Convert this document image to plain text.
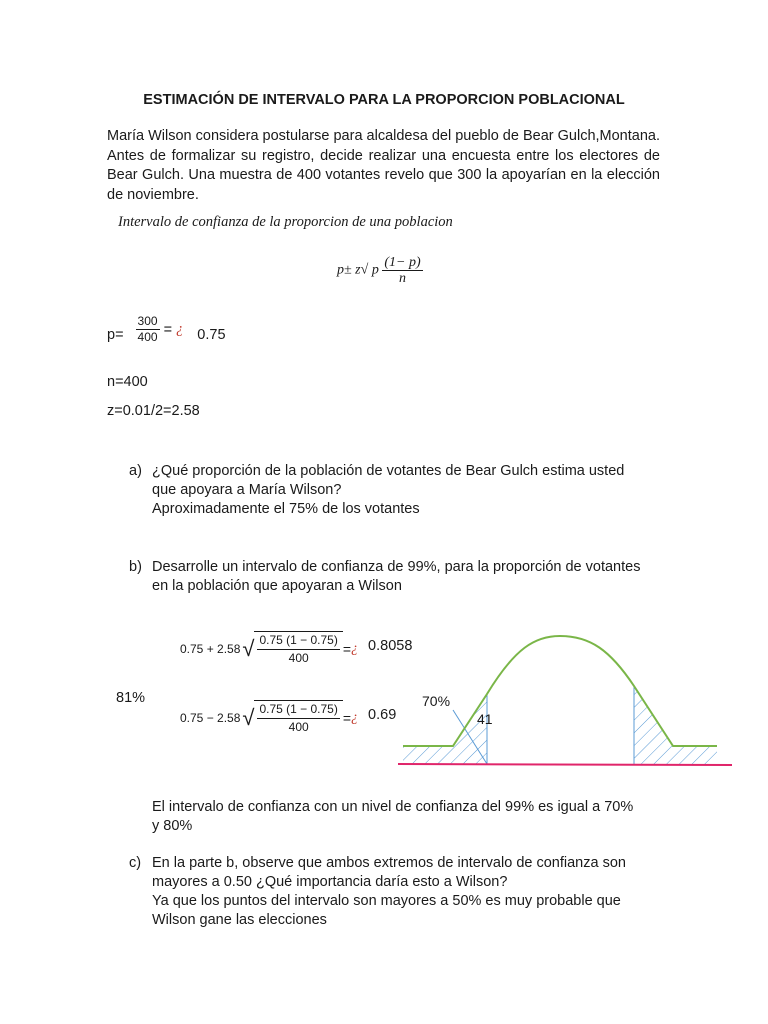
ESTIMACIÓN DE INTERVALO PARA LA PROPORCION POBLACIONAL
María Wilson considera postularse para alcaldesa del pueblo de Bear Gulch,Montana. Antes de formalizar su registro, decide realizar una encuesta entre los electores de Bear Gulch. Una muestra de 400 votantes revelo que 300 la apoyarían en la elección de noviembre.
Intervalo de confianza de la proporcion de una poblacion
p± z√ p $\frac{(1- p)}{n}$
$p= \frac{300}{400}$ = ¿ 0.75
n=400
z=0.01/2=2.58
a) ¿Qué proporción de la población de votantes de Bear Gulch estima usted
que apoyara a María Wilson?
Aproximadamente el 75% de los votantes
b) Desarrolle un intervalo de confianza de 99%, para la proporción de votantes
en la población que apoyaran a Wilson
0.75 + 2.58 √ $\frac{0.75 (1 - 0.75)}{400}$ = ¿ 0.8058
81%
0.75 − 2.58 √ $\frac{0.75 (1 - 0.75)}{400}$ = ¿ 0.69
70%
41
El intervalo de confianza con un nivel de confianza del 99% es igual a 70%
y 80%
c) En la parte b, observe que ambos extremos de intervalo de confianza son
mayores a 0.50 ¿Qué importancia daría esto a Wilson?
Ya que los puntos del intervalo son mayores a 50% es muy probable que
Wilson gane las elecciones
